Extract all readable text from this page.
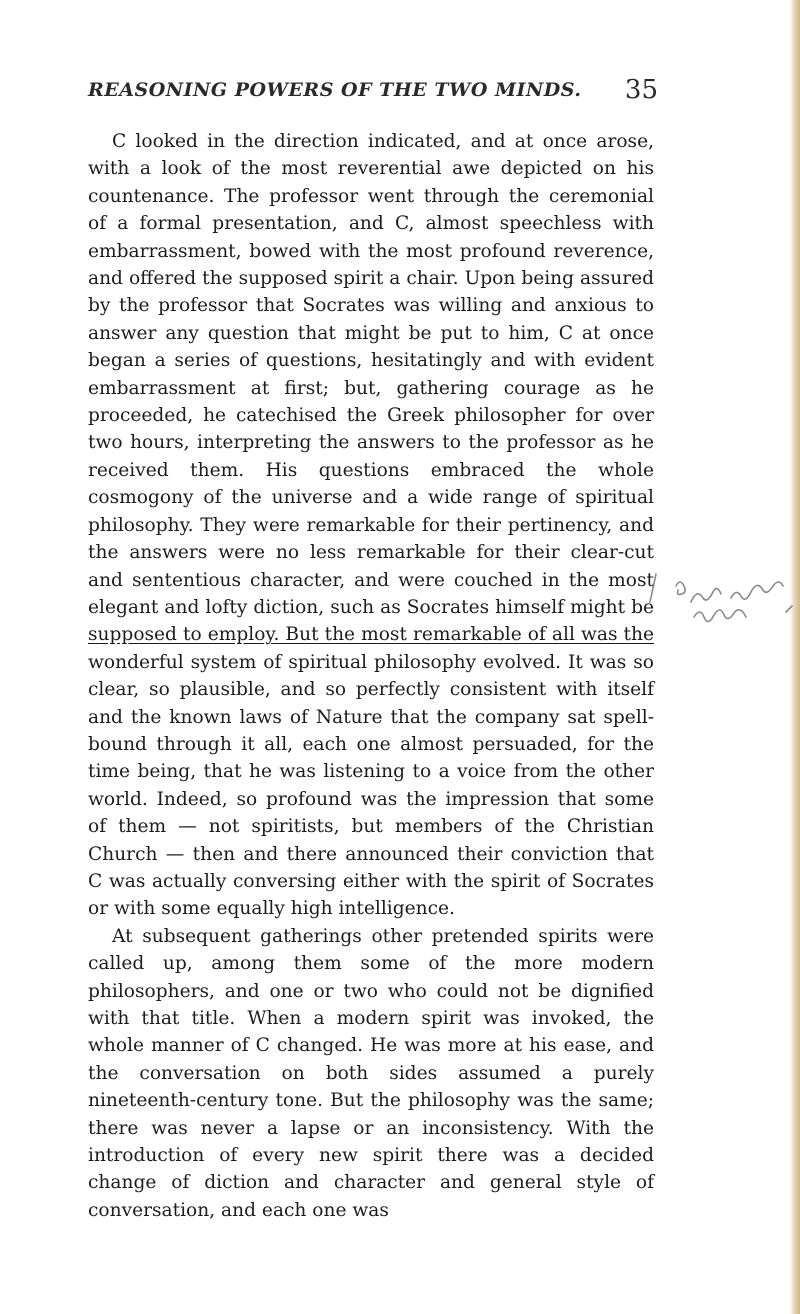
REASONING POWERS OF THE TWO MINDS. 35

C looked in the direction indicated, and at once arose, with a look of the most reverential awe depicted on his countenance. The professor went through the ceremonial of a formal presentation, and C, almost speechless with embarrassment, bowed with the most profound reverence, and offered the supposed spirit a chair. Upon being assured by the professor that Socrates was willing and anxious to answer any question that might be put to him, C at once began a series of questions, hesitatingly and with evident embarrassment at first; but, gathering courage as he proceeded, he catechised the Greek philosopher for over two hours, interpreting the answers to the professor as he received them. His questions embraced the whole cosmogony of the universe and a wide range of spiritual philosophy. They were remarkable for their pertinency, and the answers were no less remarkable for their clear-cut and sententious character, and were couched in the most elegant and lofty diction, such as Socrates himself might be supposed to employ. But the most remarkable of all was the wonderful system of spiritual philosophy evolved. It was so clear, so plausible, and so perfectly consistent with itself and the known laws of Nature that the company sat spell-bound through it all, each one almost persuaded, for the time being, that he was listening to a voice from the other world. Indeed, so profound was the impression that some of them — not spiritists, but members of the Christian Church — then and there announced their conviction that C was actually conversing either with the spirit of Socrates or with some equally high intelligence.

At subsequent gatherings other pretended spirits were called up, among them some of the more modern philosophers, and one or two who could not be dignified with that title. When a modern spirit was invoked, the whole manner of C changed. He was more at his ease, and the conversation on both sides assumed a purely nineteenth-century tone. But the philosophy was the same; there was never a lapse or an inconsistency. With the introduction of every new spirit there was a decided change of diction and character and general style of conversation, and each one was
